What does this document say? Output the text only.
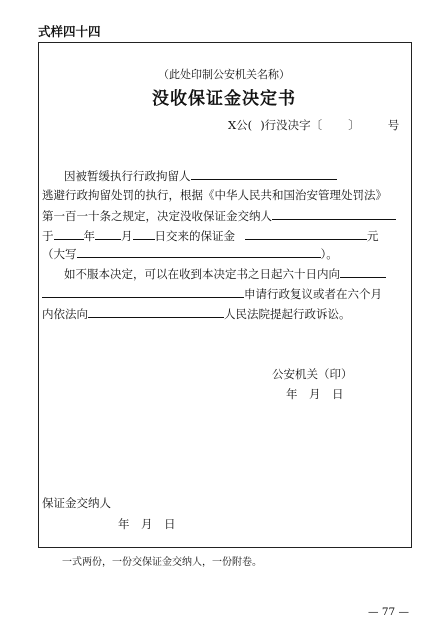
式样四十四
（此处印制公安机关名称）
没收保证金决定书
X公( )行没决字〔 〕 号
因被暂缓执行行政拘留人
逃避行政拘留处罚的执行，根据《中华人民共和国治安管理处罚法》
第一百一十条之规定，决定没收保证金交纳人
于	年 月 日交来的保证金	元
（大写	）。
如不服本决定，可以在收到本决定书之日起六十日内向
申请行政复议或者在六个月
内依法向	人民法院提起行政诉讼。
公安机关（印）
年　月　日
保证金交纳人
年　月　日
一式两份，一份交保证金交纳人，一份附卷。
— 77 —
